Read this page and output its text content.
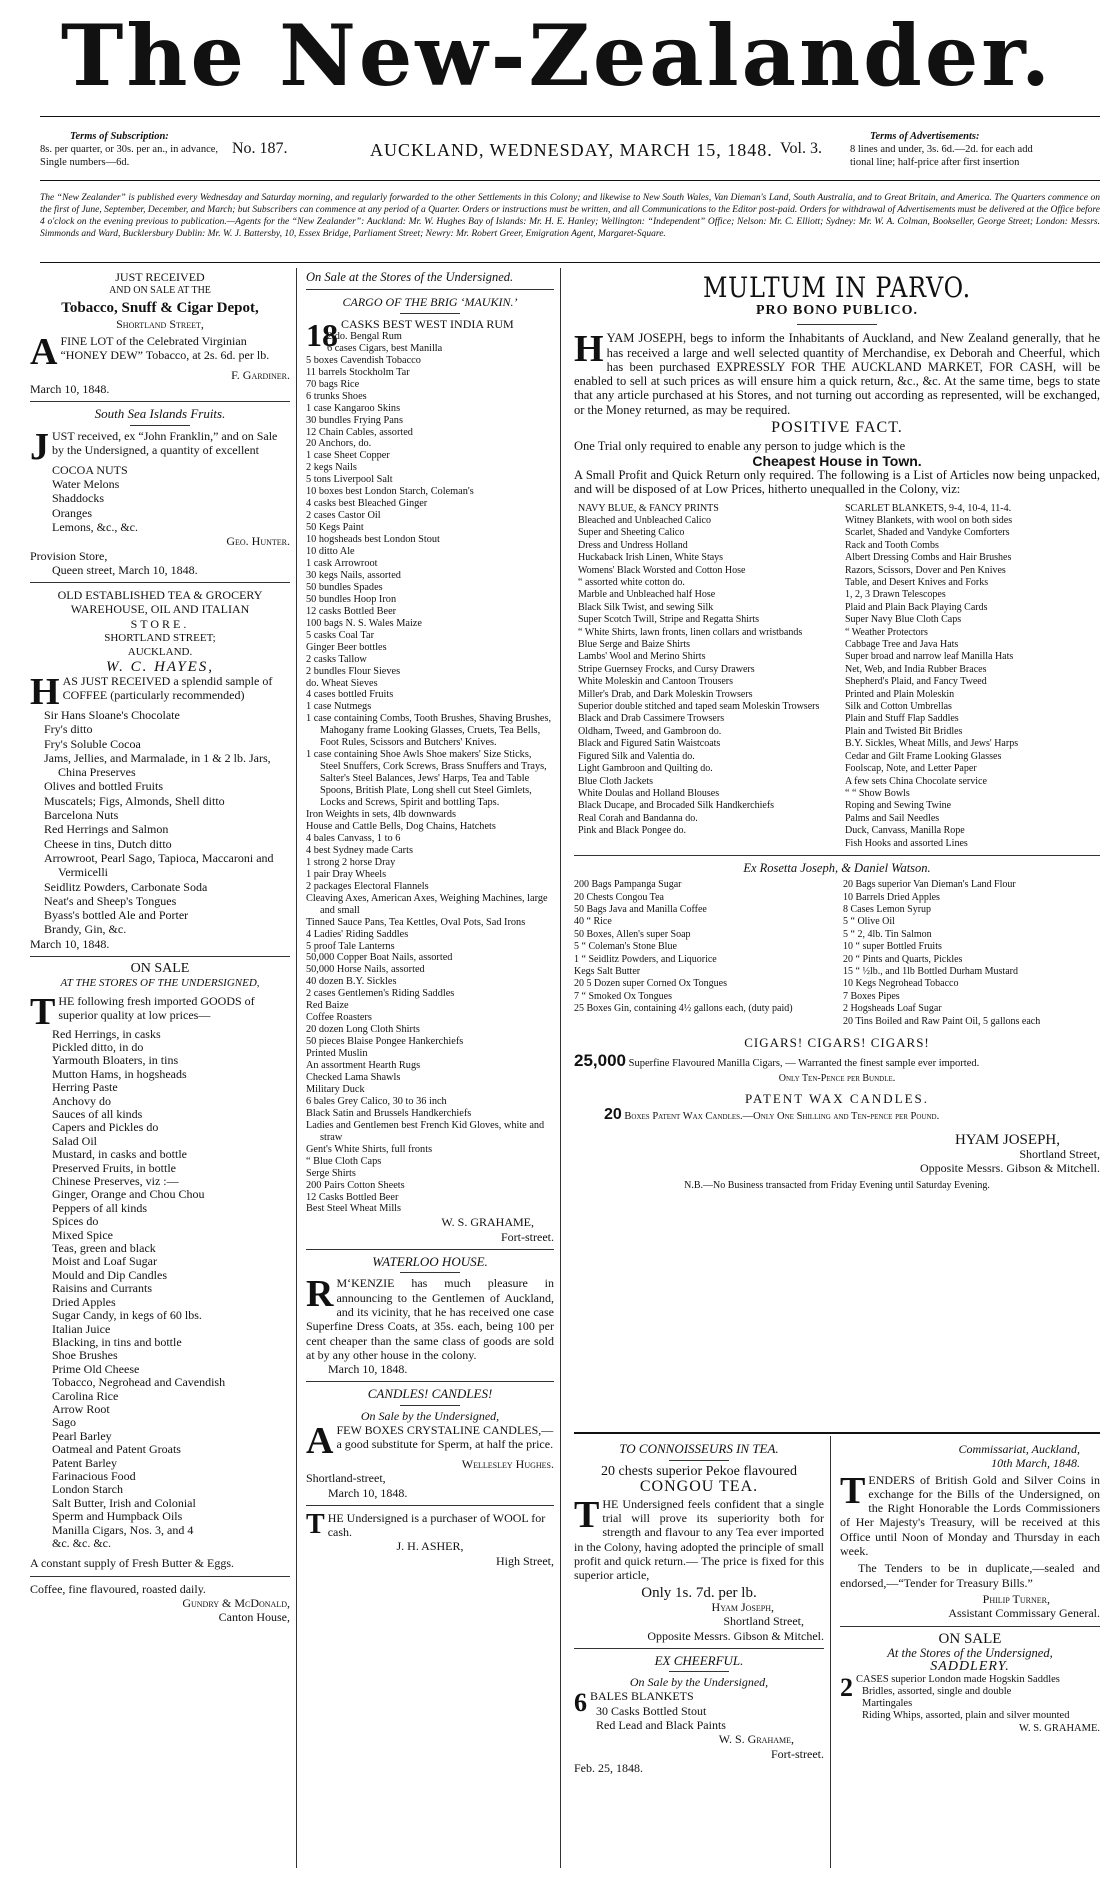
The New-Zealander.
Terms of Subscription:
8s. per quarter, or 30s. per an., in advance,
Single numbers—6d.
No. 187.	AUCKLAND, WEDNESDAY, MARCH 15, 1848. Vol. 3.
Terms of Advertisements:
8 lines and under, 3s. 6d.—2d. for each add
tional line; half-price after first insertion
The “New Zealander” is published every Wednesday and Saturday morning, and regularly forwarded to the other Settlements in this Colony; and likewise to New South Wales, Van Dieman's Land, South Australia, and to Great Britain, and America. The Quarters commence on the first of June, September, December, and March; but Subscribers can commence at any period of a Quarter. Orders or instructions must be written, and all Communications to the Editor post-paid. Orders for withdrawal of Advertisements must be delivered at the Office before 4 o'clock on the evening previous to publication.—Agents for the “New Zealander”: Auckland: Mr. W. Hughes Bay of Islands: Mr. H. E. Hanley; Wellington: “Independent” Office; Nelson: Mr. C. Elliott; Sydney: Mr. W. A. Colman, Bookseller, George Street; London: Messrs. Simmonds and Ward, Bucklersbury Dublin: Mr. W. J. Battersby, 10, Essex Bridge, Parliament Street; Newry: Mr. Robert Greer, Emigration Agent, Margaret-Square.
JUST RECEIVED
AND ON SALE AT THE
Tobacco, Snuff & Cigar Depot,
Shortland Street,

AFINE LOT of the Celebrated Virginian “HONEY DEW” Tobacco, at 2s. 6d. per lb.

F. Gardiner.
March 10, 1848.
South Sea Islands Fruits.

JUST received, ex “John Franklin,” and on Sale by the Undersigned, a quantity of excellent

COCOA NUTS
Water Melons
Shaddocks
Oranges
Lemons, &c., &c.
Geo. Hunter.
Provision Store,
Queen street, March 10, 1848.
OLD ESTABLISHED TEA & GROCERY
WAREHOUSE, OIL AND ITALIAN
STORE.
SHORTLAND STREET;
AUCKLAND.
W. C. HAYES,

HAS JUST RECEIVED a splendid sample of COFFEE (particularly recommended)

Sir Hans Sloane's Chocolate
Fry's ditto
Fry's Soluble Cocoa
Jams, Jellies, and Marmalade, in 1 & 2 lb. Jars, China Preserves
Olives and bottled Fruits
Muscatels; Figs, Almonds, Shell ditto
Barcelona Nuts
Red Herrings and Salmon
Cheese in tins, Dutch ditto
Arrowroot, Pearl Sago, Tapioca, Maccaroni and Vermicelli
Seidlitz Powders, Carbonate Soda
Neat's and Sheep's Tongues
Byass's bottled Ale and Porter
Brandy, Gin, &c.
March 10, 1848.
ON SALE
AT THE STORES OF THE UNDERSIGNED,

THE following fresh imported GOODS of superior quality at low prices—

Red Herrings, in casks
Pickled ditto, in do
Yarmouth Bloaters, in tins
Mutton Hams, in hogsheads
Herring Paste
Anchovy do
Sauces of all kinds
Capers and Pickles do
Salad Oil
Mustard, in casks and bottle
Preserved Fruits, in bottle
Chinese Preserves, viz :—
Ginger, Orange and Chou Chou
Peppers of all kinds
Spices do
Mixed Spice
Teas, green and black
Moist and Loaf Sugar
Mould and Dip Candles
Raisins and Currants
Dried Apples
Sugar Candy, in kegs of 60 lbs.
Italian Juice
Blacking, in tins and bottle
Shoe Brushes
Prime Old Cheese
Tobacco, Negrohead and Cavendish
Carolina Rice
Arrow Root
Sago
Pearl Barley
Oatmeal and Patent Groats
Patent Barley
Farinacious Food
London Starch
Salt Butter, Irish and Colonial
Sperm and Humpback Oils
Manilla Cigars, Nos. 3, and 4
&c. &c. &c.
A constant supply of Fresh Butter & Eggs.
Coffee, fine flavoured, roasted daily.
Gundry & McDonald,
Canton House,
On Sale at the Stores of the Undersigned.
CARGO OF THE BRIG ‘MAUKIN.’

18 CASKS BEST WEST INDIA RUM

2 do. Bengal Rum
6 cases Cigars, best Manilla
5 boxes Cavendish Tobacco
11 barrels Stockholm Tar
70 bags Rice
6 trunks Shoes
1 case Kangaroo Skins
30 bundles Frying Pans
12 Chain Cables, assorted
20 Anchors, do.
1 case Sheet Copper
2 kegs Nails
5 tons Liverpool Salt
10 boxes best London Starch, Coleman's
4 casks best Bleached Ginger
2 cases Castor Oil
50 Kegs Paint
10 hogsheads best London Stout
10 ditto Ale
1 cask Arrowroot
30 kegs Nails, assorted
50 bundles Spades
50 bundles Hoop Iron
12 casks Bottled Beer
100 bags N. S. Wales Maize
5 casks Coal Tar
Ginger Beer bottles
2 casks Tallow
2 bundles Flour Sieves
do. Wheat Sieves
4 cases bottled Fruits
1 case Nutmegs
1 case containing Combs, Tooth Brushes, Shaving Brushes, Mahogany frame Looking Glasses, Cruets, Tea Bells, Foot Rules, Scissors and Butchers' Knives.
1 case containing Shoe Awls Shoe makers' Size Sticks, Steel Snuffers, Cork Screws, Brass Snuffers and Trays, Salter's Steel Balances, Jews' Harps, Tea and Table Spoons, British Plate, Long shell cut Steel Gimlets, Locks and Screws, Spirit and bottling Taps.
Iron Weights in sets, 4lb downwards
House and Cattle Bells, Dog Chains, Hatchets
4 bales Canvass, 1 to 6
4 best Sydney made Carts
1 strong 2 horse Dray
1 pair Dray Wheels
2 packages Electoral Flannels
Cleaving Axes, American Axes, Weighing Machines, large and small
Tinned Sauce Pans, Tea Kettles, Oval Pots, Sad Irons
4 Ladies' Riding Saddles
5 proof Tale Lanterns
50,000 Copper Boat Nails, assorted
50,000 Horse Nails, assorted
40 dozen B.Y. Sickles
2 cases Gentlemen's Riding Saddles
Red Baize
Coffee Roasters
20 dozen Long Cloth Shirts
50 pieces Blaise Pongee Hankerchiefs
Printed Muslin
An assortment Hearth Rugs
Checked Lama Shawls
Military Duck
6 bales Grey Calico, 30 to 36 inch
Black Satin and Brussels Handkerchiefs
Ladies and Gentlemen best French Kid Gloves, white and straw
Gent's White Shirts, full fronts
“ Blue Cloth Caps
Serge Shirts
200 Pairs Cotton Sheets
12 Casks Bottled Beer
Best Steel Wheat Mills
W. S. GRAHAME,
Fort-street.
WATERLOO HOUSE.

R M‘KENZIE has much pleasure in announcing to the Gentlemen of Auckland, and its vicinity, that he has received one case Superfine Dress Coats, at 35s. each, being 100 per cent cheaper than the same class of goods are sold at by any other house in the colony.

March 10, 1848.
CANDLES! CANDLES!
On Sale by the Undersigned,

AFEW BOXES CRYSTALINE CANDLES,—a good substitute for Sperm, at half the price.

Wellesley Hughes.
Shortland-street,
March 10, 1848.

THE Undersigned is a purchaser of WOOL for cash.

J. H. ASHER,
High Street,
MULTUM IN PARVO.
PRO BONO PUBLICO.

HYAM JOSEPH, begs to inform the Inhabitants of Auckland, and New Zealand generally, that he has received a large and well selected quantity of Merchandise, ex Deborah and Cheerful, which has been purchased EXPRESSLY FOR THE AUCKLAND MARKET, FOR CASH, will be enabled to sell at such prices as will ensure him a quick return, &c., &c. At the same time, begs to state that any article purchased at his Stores, and not turning out according as represented, will be exchanged, or the Money returned, as may be required.

POSITIVE FACT.
One Trial only required to enable any person to judge which is the
Cheapest House in Town.

A Small Profit and Quick Return only required. The following is a List of Articles now being unpacked, and will be disposed of at Low Prices, hitherto unequalled in the Colony, viz:

NAVY BLUE, & FANCY PRINTS
Bleached and Unbleached Calico
Super and Sheeting Calico
Dress and Undress Holland
Huckaback Irish Linen, White Stays
Womens' Black Worsted and Cotton Hose
“ assorted white cotton do.
Marble and Unbleached half Hose
Black Silk Twist, and sewing Silk
Super Scotch Twill, Stripe and Regatta Shirts
“ White Shirts, lawn fronts, linen collars and wristbands
Blue Serge and Baize Shirts
Lambs' Wool and Merino Shirts
Stripe Guernsey Frocks, and Cursy Drawers
White Moleskin and Cantoon Trousers
Miller's Drab, and Dark Moleskin Trowsers
Superior double stitched and taped seam Moleskin Trowsers
Black and Drab Cassimere Trowsers
Oldham, Tweed, and Gambroon do.
Black and Figured Satin Waistcoats
Figured Silk and Valentia do.
Light Gambroon and Quilting do.
Blue Cloth Jackets
White Doulas and Holland Blouses
Black Ducape, and Brocaded Silk Handkerchiefs
Real Corah and Bandanna do.
Pink and Black Pongee do.
SCARLET BLANKETS, 9-4, 10-4, 11-4.
Witney Blankets, with wool on both sides
Scarlet, Shaded and Vandyke Comforters
Rack and Tooth Combs
Albert Dressing Combs and Hair Brushes
Razors, Scissors, Dover and Pen Knives
Table, and Desert Knives and Forks
1, 2, 3 Drawn Telescopes
Plaid and Plain Back Playing Cards
Super Navy Blue Cloth Caps
“ Weather Protectors
Cabbage Tree and Java Hats
Super broad and narrow leaf Manilla Hats
Net, Web, and India Rubber Braces
Shepherd's Plaid, and Fancy Tweed
Printed and Plain Moleskin
Silk and Cotton Umbrellas
Plain and Stuff Flap Saddles
Plain and Twisted Bit Bridles
B.Y. Sickles, Wheat Mills, and Jews' Harps
Cedar and Gilt Frame Looking Glasses
Foolscap, Note, and Letter Paper
A few sets China Chocolate service
“ “ Show Bowls
Roping and Sewing Twine
Palms and Sail Needles
Duck, Canvass, Manilla Rope
Fish Hooks and assorted Lines
Ex Rosetta Joseph, & Daniel Watson.
200 Bags Pampanga Sugar
20 Chests Congou Tea
50 Bags Java and Manilla Coffee
40 “ Rice
50 Boxes, Allen's super Soap
5 “ Coleman's Stone Blue
1 “ Seidlitz Powders, and Liquorice
Kegs Salt Butter
20 5 Dozen super Corned Ox Tongues
7 “ Smoked Ox Tongues
25 Boxes Gin, containing 4½ gallons each, (duty paid)
20 Bags superior Van Dieman's Land Flour
10 Barrels Dried Apples
8 Cases Lemon Syrup
5 “ Olive Oil
5 “ 2, 4lb. Tin Salmon
10 “ super Bottled Fruits
20 “ Pints and Quarts, Pickles
15 “ ½lb., and 1lb Bottled Durham Mustard
10 Kegs Negrohead Tobacco
7 Boxes Pipes
2 Hogsheads Loaf Sugar
20 Tins Boiled and Raw Paint Oil, 5 gallons each
CIGARS! CIGARS! CIGARS!
25,000 Superfine Flavoured Manilla Cigars, — Warranted the finest sample ever imported.
Only Ten-Pence per Bundle.
PATENT WAX CANDLES.
20 Boxes Patent Wax Candles.—Only One Shilling and Ten-pence per Pound.
HYAM JOSEPH,
Shortland Street,
Opposite Messrs. Gibson & Mitchell.
N.B.—No Business transacted from Friday Evening until Saturday Evening.
TO CONNOISSEURS IN TEA.
20 chests superior Pekoe flavoured
CONGOU TEA.

THE Undersigned feels confident that a single trial will prove its superiority both for strength and flavour to any Tea ever imported in the Colony, having adopted the principle of small profit and quick return.— The price is fixed for this superior article,

Only 1s. 7d. per lb.
Hyam Joseph,
Shortland Street,
Opposite Messrs. Gibson & Mitchel.
EX CHEERFUL.
On Sale by the Undersigned,

6 BALES BLANKETS

30 Casks Bottled Stout
Red Lead and Black Paints
W. S. Grahame,
Fort-street.
Feb. 25, 1848.
Commissariat, Auckland,
10th March, 1848.

TENDERS of British Gold and Silver Coins in exchange for the Bills of the Undersigned, on the Right Honorable the Lords Commissioners of Her Majesty's Treasury, will be received at this Office until Noon of Monday and Thursday in each week.

The Tenders to be in duplicate,—sealed and endorsed,—“Tender for Treasury Bills.”

Philip Turner,
Assistant Commissary General.
ON SALE
At the Stores of the Undersigned,
SADDLERY.

2 CASES superior London made Hogskin Saddles

Bridles, assorted, single and double
Martingales
Riding Whips, assorted, plain and silver mounted
W. S. GRAHAME.
